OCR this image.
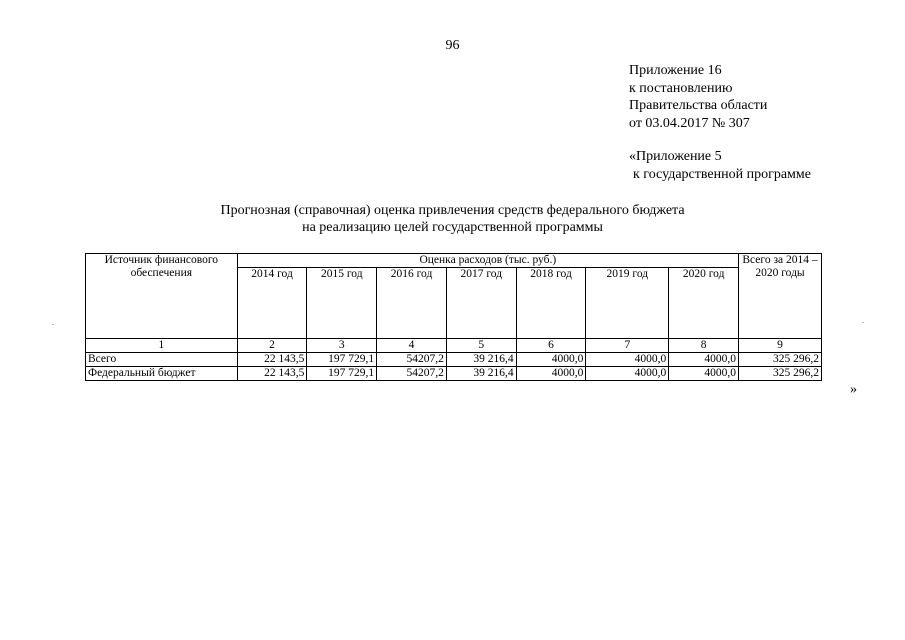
96
Приложение 16
к постановлению
Правительства области
от 03.04.2017 № 307
«Приложение 5
к государственной программе
Прогнозная (справочная) оценка привлечения средств федерального бюджета
на реализацию целей государственной программы
Источник финансового обеспечения	Оценка расходов (тыс. руб.)							Всего за 2014 – 2020 годы
	2014 год	2015 год	2016 год	2017 год	2018 год	2019 год	2020 год	
1	2	3	4	5	6	7	8	9
Всего	22 143,5	197 729,1	54207,2	39 216,4	4000,0	4000,0	4000,0	325 296,2
Федеральный бюджет	22 143,5	197 729,1	54207,2	39 216,4	4000,0	4000,0	4000,0	325 296,2
»
